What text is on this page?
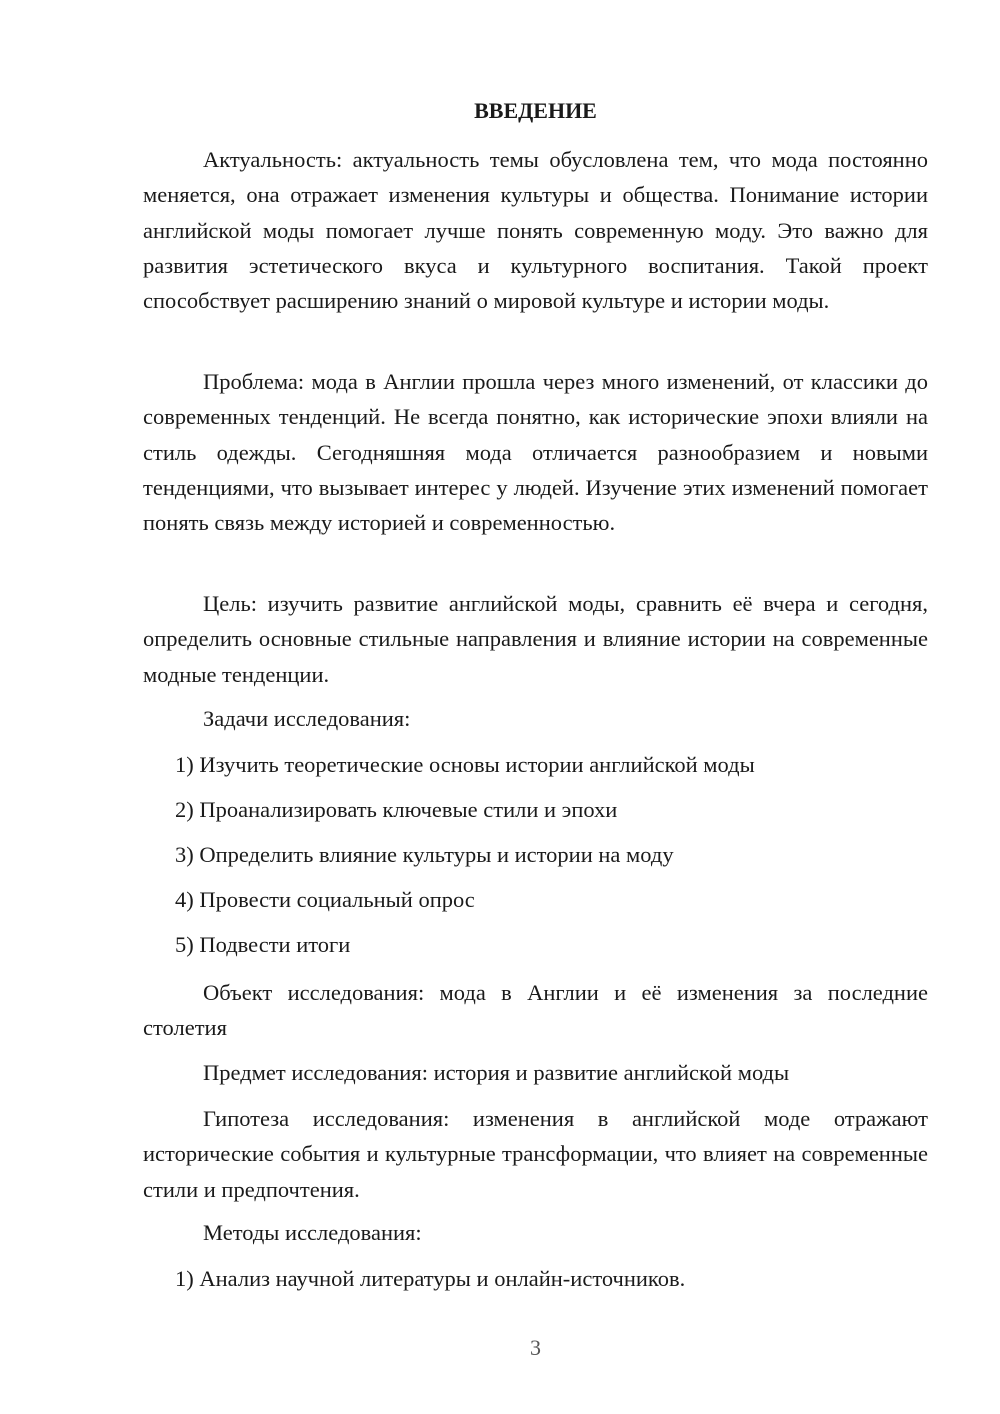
ВВЕДЕНИЕ

Актуальность: актуальность темы обусловлена тем, что мода постоянно меняется, она отражает изменения культуры и общества. Понимание истории английской моды помогает лучше понять современную моду. Это важно для развития эстетического вкуса и культурного воспитания. Такой проект способствует расширению знаний о мировой культуре и истории моды.

Проблема: мода в Англии прошла через много изменений, от классики до современных тенденций. Не всегда понятно, как исторические эпохи влияли на стиль одежды. Сегодняшняя мода отличается разнообразием и новыми тенденциями, что вызывает интерес у людей. Изучение этих изменений помогает понять связь между историей и современностью.

Цель: изучить развитие английской моды, сравнить её вчера и сегодня, определить основные стильные направления и влияние истории на современные модные тенденции.

Задачи исследования:

1) Изучить теоретические основы истории английской моды

2) Проанализировать ключевые стили и эпохи

3) Определить влияние культуры и истории на моду

4) Провести социальный опрос

5) Подвести итоги

Объект исследования: мода в Англии и её изменения за последние столетия

Предмет исследования: история и развитие английской моды

Гипотеза исследования: изменения в английской моде отражают исторические события и культурные трансформации, что влияет на современные стили и предпочтения.

Методы исследования:

1) Анализ научной литературы и онлайн-источников.

3
